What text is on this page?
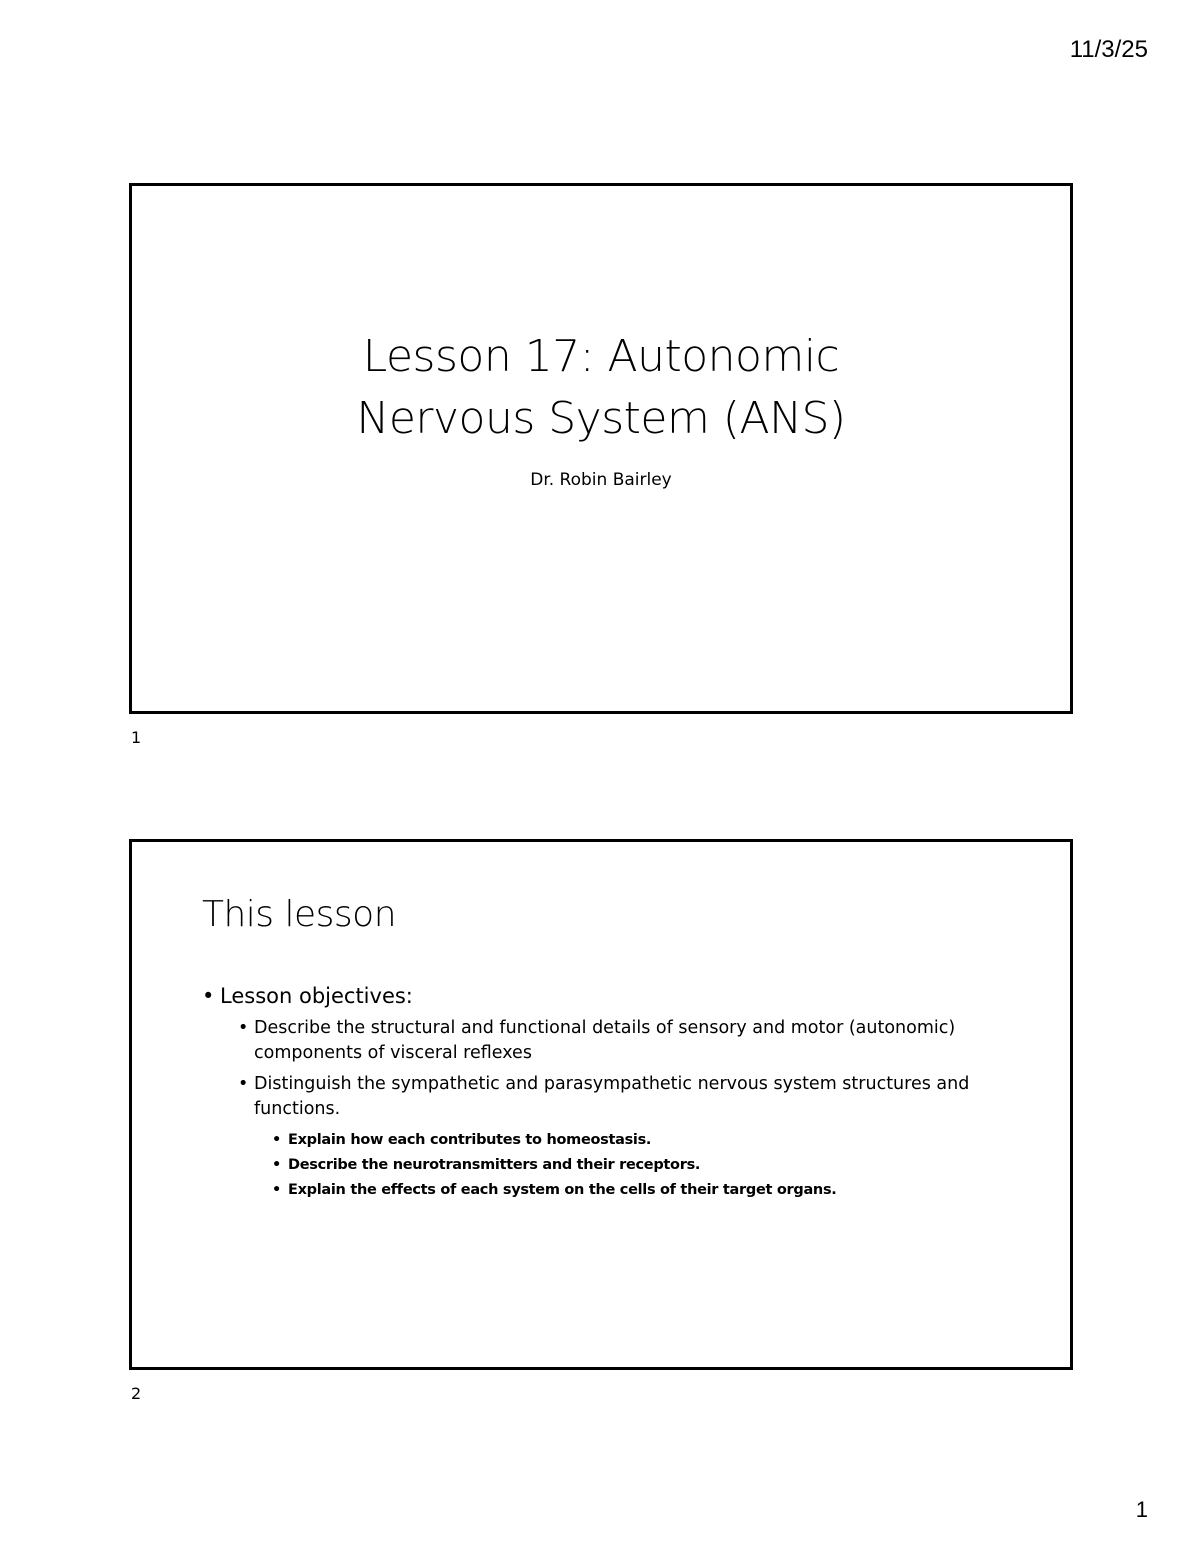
11/3/25
Lesson 17: Autonomic
Nervous System (ANS)
Dr. Robin Bairley
1
This lesson
• Lesson objectives:
• Describe the structural and functional details of sensory and motor (autonomic) components of visceral reflexes
• Distinguish the sympathetic and parasympathetic nervous system structures and functions.
• Explain how each contributes to homeostasis.
• Describe the neurotransmitters and their receptors.
• Explain the effects of each system on the cells of their target organs.
2
1
